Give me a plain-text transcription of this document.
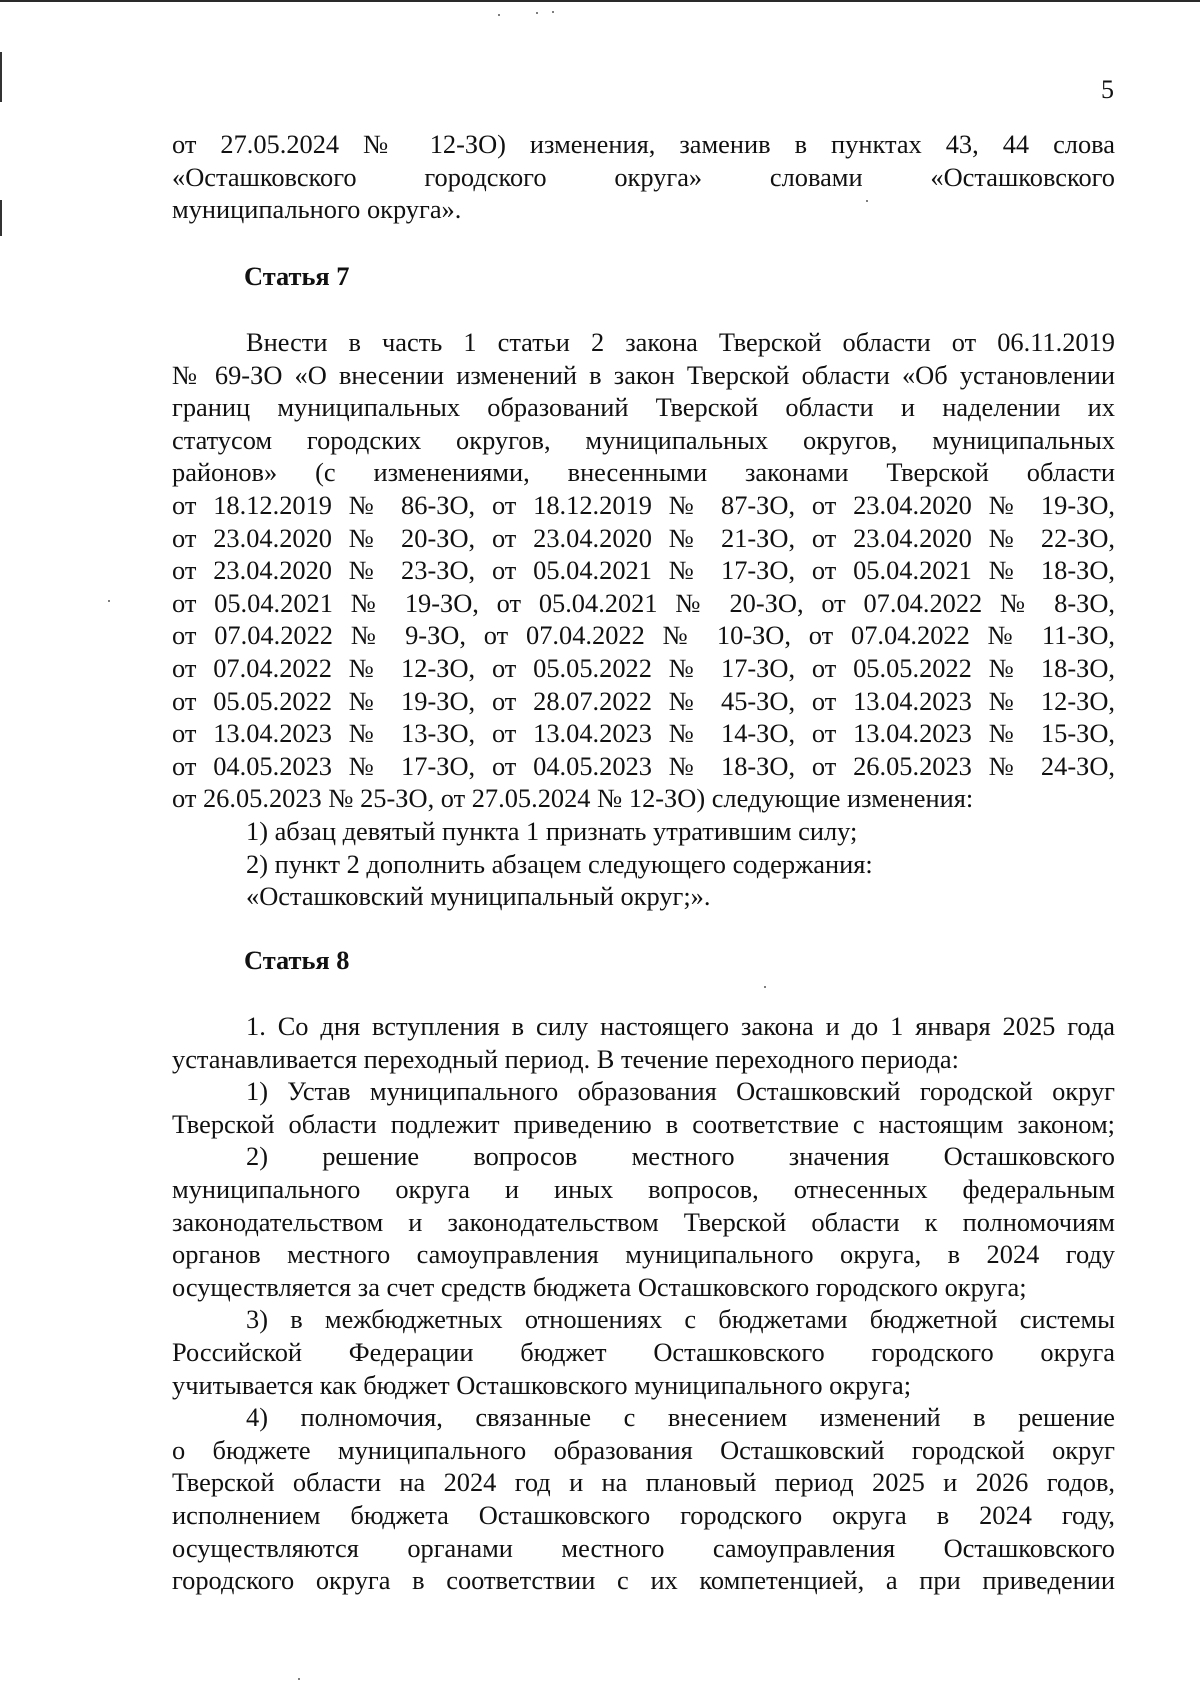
5
от 27.05.2024 № 12-ЗО) изменения, заменив в пунктах 43, 44 слова
«Осташковского городского округа» словами «Осташковского
муниципального округа».
Статья 7
Внести в часть 1 статьи 2 закона Тверской области от 06.11.2019
№ 69-ЗО «О внесении изменений в закон Тверской области «Об установлении
границ муниципальных образований Тверской области и наделении их
статусом городских округов, муниципальных округов, муниципальных
районов» (с изменениями, внесенными законами Тверской области
от 18.12.2019 № 86-ЗО, от 18.12.2019 № 87-ЗО, от 23.04.2020 № 19-ЗО,
от 23.04.2020 № 20-ЗО, от 23.04.2020 № 21-ЗО, от 23.04.2020 № 22-ЗО,
от 23.04.2020 № 23-ЗО, от 05.04.2021 № 17-ЗО, от 05.04.2021 № 18-ЗО,
от 05.04.2021 № 19-ЗО, от 05.04.2021 № 20-ЗО, от 07.04.2022 № 8-ЗО,
от 07.04.2022 № 9-ЗО, от 07.04.2022 № 10-ЗО, от 07.04.2022 № 11-ЗО,
от 07.04.2022 № 12-ЗО, от 05.05.2022 № 17-ЗО, от 05.05.2022 № 18-ЗО,
от 05.05.2022 № 19-ЗО, от 28.07.2022 № 45-ЗО, от 13.04.2023 № 12-ЗО,
от 13.04.2023 № 13-ЗО, от 13.04.2023 № 14-ЗО, от 13.04.2023 № 15-ЗО,
от 04.05.2023 № 17-ЗО, от 04.05.2023 № 18-ЗО, от 26.05.2023 № 24-ЗО,
от 26.05.2023 № 25-ЗО, от 27.05.2024 № 12-ЗО) следующие изменения:
1) абзац девятый пункта 1 признать утратившим силу;
2) пункт 2 дополнить абзацем следующего содержания:
«Осташковский муниципальный округ;».
Статья 8
1. Со дня вступления в силу настоящего закона и до 1 января 2025 года
устанавливается переходный период. В течение переходного периода:
1) Устав муниципального образования Осташковский городской округ
Тверской области подлежит приведению в соответствие с настоящим законом;
2) решение вопросов местного значения Осташковского
муниципального округа и иных вопросов, отнесенных федеральным
законодательством и законодательством Тверской области к полномочиям
органов местного самоуправления муниципального округа, в 2024 году
осуществляется за счет средств бюджета Осташковского городского округа;
3) в межбюджетных отношениях с бюджетами бюджетной системы
Российской Федерации бюджет Осташковского городского округа
учитывается как бюджет Осташковского муниципального округа;
4) полномочия, связанные с внесением изменений в решение
о бюджете муниципального образования Осташковский городской округ
Тверской области на 2024 год и на плановый период 2025 и 2026 годов,
исполнением бюджета Осташковского городского округа в 2024 году,
осуществляются органами местного самоуправления Осташковского
городского округа в соответствии с их компетенцией, а при приведении
